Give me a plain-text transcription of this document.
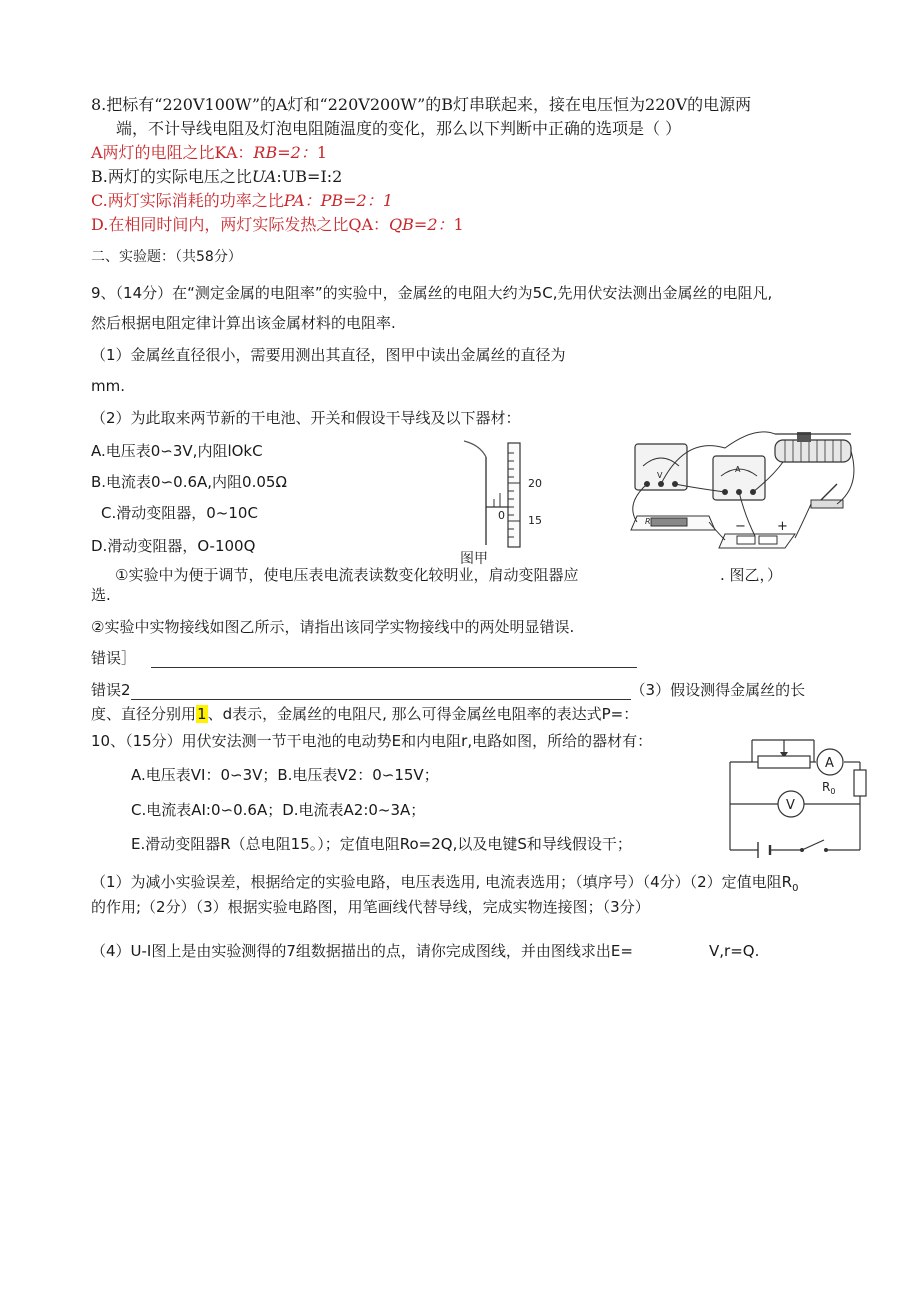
8.把标有“220V100W”的A灯和“220V200W”的B灯串联起来，接在电压恒为220V的电源两
端，不计导线电阻及灯泡电阻随温度的变化，那么以下判断中正确的选项是（ ）
A两灯的电阻之比KA：RB=2：1
B.两灯的实际电压之比UA:UB=I:2
C.两灯实际消耗的功率之比PA：PB=2：1
D.在相同时间内，两灯实际发热之比QA：QB=2：1
二、实验题：（共58分）
9、（14分）在“测定金属的电阻率”的实验中，金属丝的电阻大约为5C,先用伏安法测出金属丝的电阻凡,
然后根据电阻定律计算出该金属材料的电阻率.
（1）金属丝直径很小，需要用测出其直径，图甲中读出金属丝的直径为
mm.
（2）为此取来两节新的干电池、开关和假设干导线及以下器材：
A.电压表0∽3V,内阻lOkC
B.电流表0∽0.6A,内阻0.05Ω
C.滑动变阻器，0~10C
D.滑动变阻器，O-100Q
20
15
0
图甲
V
A
R	− +
①实验中为便于调节，使电压表电流表读数变化较明业，肩动变阻器应
选.
. 图乙，）
②实验中实物接线如图乙所示，请指出该同学实物接线中的两处明显错误.
错误］
错误2	（3）假设测得金属丝的长
度、直径分别用1、d表示，金属丝的电阻尺, 那么可得金属丝电阻率的表达式P=：
10、（15分）用伏安法测一节干电池的电动势E和内电阻r,电路如图，所给的器材有：
A.电压表VI：0∽3V；B.电压表V2：0∽15V；
C.电流表AI:0∽0.6A；D.电流表A2:0~3A；
E.滑动变阻器R（总电阻15。）；定值电阻Ro=2Q,以及电键S和导线假设干；
A
$R_0$
V
（1）为减小实验误差，根据给定的实验电路，电压表选用, 电流表选用；（填序号）（4分）（2）定值电阻$R_0$
的作用;（2分）（3）根据实验电路图，用笔画线代替导线，完成实物连接图；（3分）
（4）U-I图上是由实验测得的7组数据描出的点，请你完成图线，并由图线求出E=	V,r=Q.
